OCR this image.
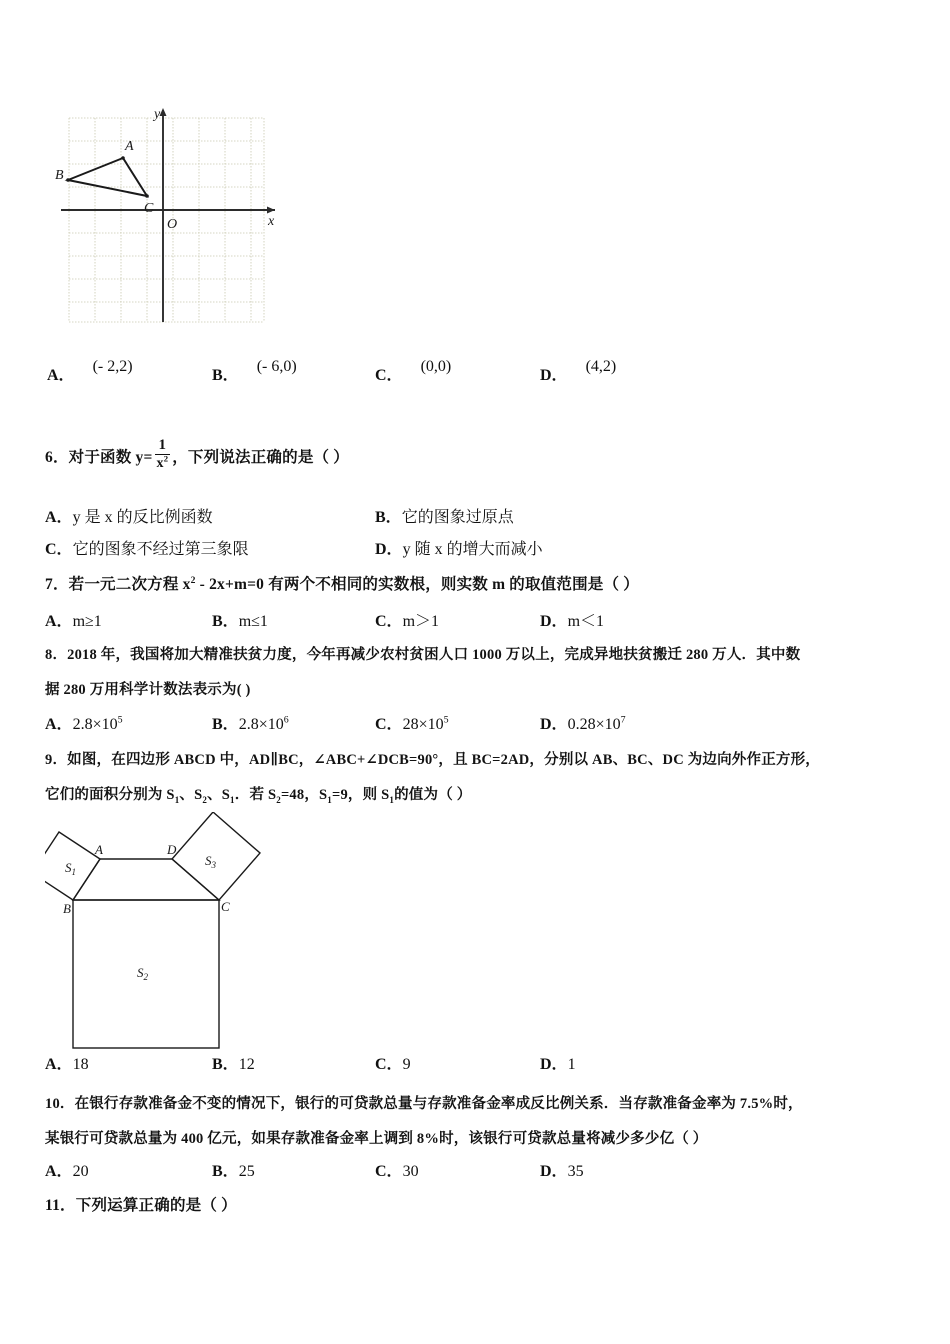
y
x
O
A
B
C
A．(- 2,2)
B．(- 6,0)
C．(0,0)
D．(4,2)
6．对于函数 $y= \frac{1}{x^2}$ ，下列说法正确的是（ ）
A．y 是 x 的反比例函数	B．它的图象过原点
C．它的图象不经过第三象限	D．y 随 x 的增大而减小
7．若一元二次方程 $x^2 - 2x+m=0$ 有两个不相同的实数根，则实数 m 的取值范围是（ ）
A．m≥1	B．m≤1	C．m＞1	D．m＜1
8．2018 年，我国将加大精准扶贫力度，今年再减少农村贫困人口 1000 万以上，完成异地扶贫搬迁 280 万人．其中数
据 280 万用科学计数法表示为( )
A．$2.8\times 10^5$	B．$2.8\times 10^6$	C．$28\times 10^5$	D．$0.28\times 10^7$
9．如图，在四边形 ABCD 中，AD∥BC，∠ABC+∠DCB=90°，且 BC=2AD，分别以 AB、BC、DC 为边向外作正方形，
它们的面积分别为 $S_1$、$S_2$、$S_1$．若 $S_2=48$，$S_1=9$，则 $S_1$的值为（ ）
A	D
B	C
$S_1$
$S_2$
$S_3$
A．18	B．12	C．9	D．1
10．在银行存款准备金不变的情况下，银行的可贷款总量与存款准备金率成反比例关系．当存款准备金率为 7.5%时，
某银行可贷款总量为 400 亿元，如果存款准备金率上调到 8%时，该银行可贷款总量将减少多少亿（ ）
A．20	B．25	C．30	D．35
11．下列运算正确的是（ ）
